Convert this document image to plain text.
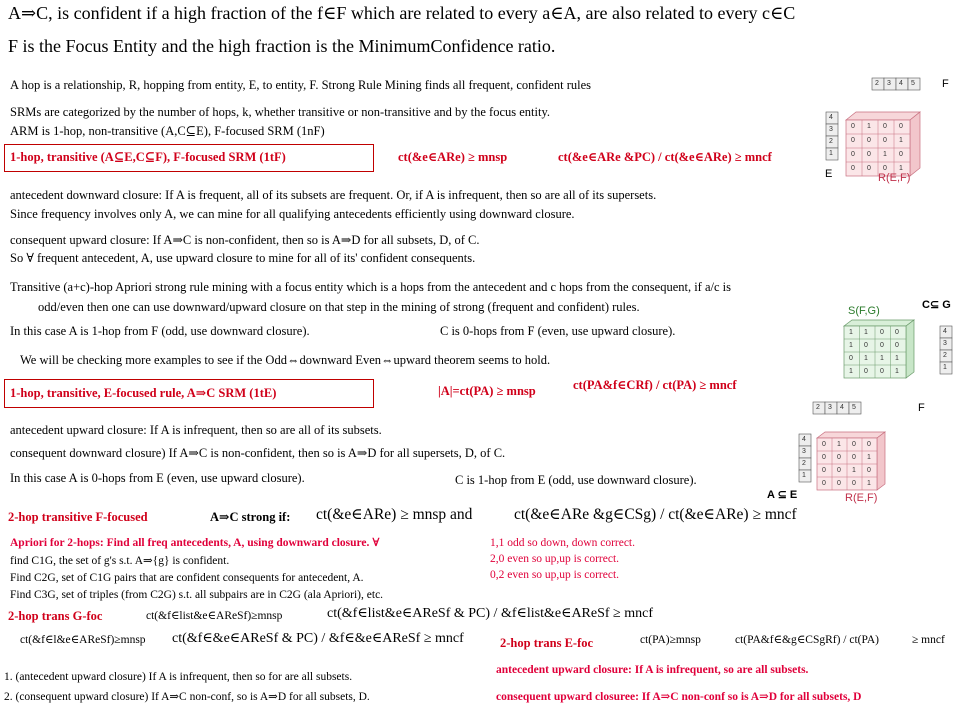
A⇒C, is confident if a high fraction of the f∈F which are related to every a∈A, are also related to every c∈C
F is the Focus Entity and the high fraction is the MinimumConfidence ratio.
A hop is a relationship, R, hopping from entity, E, to entity, F. Strong Rule Mining finds all frequent, confident rules
SRMs are categorized by the number of hops, k, whether transitive or non-transitive and by the focus entity.
ARM is 1-hop, non-transitive (A,C⊆E), F-focused SRM (1nF)
1-hop, transitive (A⊆E,C⊆F), F-focused SRM (1tF)	ct(&e∈ARe) ≥ mnsp	ct(&e∈ARe &PC) / ct(&e∈ARe) ≥ mncf
antecedent downward closure: If A is frequent, all of its subsets are frequent. Or, if A is infrequent, then so are all of its supersets.
Since frequency involves only A, we can mine for all qualifying antecedents efficiently using downward closure.
consequent upward closure: If A⇒C is non-confident, then so is A⇒D for all subsets, D, of C.
So ∀ frequent antecedent, A, use upward closure to mine for all of its' confident consequents.
Transitive (a+c)-hop Apriori strong rule mining with a focus entity which is a hops from the antecedent and c hops from the consequent, if a/c is
odd/even then one can use downward/upward closure on that step in the mining of strong (frequent and confident) rules.
In this case A is 1-hop from F (odd, use downward closure).	C is 0-hops from F (even, use upward closure).
We will be checking more examples to see if the Odd⇔downward Even⇔upward theorem seems to hold.
1-hop, transitive, E-focused rule, A⇒C SRM (1tE)	|A|=ct(PA) ≥ mnsp	ct(PA&f∈CRf) / ct(PA) ≥ mncf
antecedent upward closure: If A is infrequent, then so are all of its subsets.
consequent downward closure) If A⇒C is non-confident, then so is A⇒D for all supersets, D, of C.
In this case A is 0-hops from E (even, use upward closure).	C is 1-hop from E (odd, use downward closure).
2-hop transitive F-focused	A⇒C strong if: ct(&e∈ARe) ≥ mnsp and	ct(&e∈ARe &g∈CSg) / ct(&e∈ARe) ≥ mncf
Apriori for 2-hops: Find all freq antecedents, A, using downward closure. ∀
find C1G, the set of g's s.t. A⇒{g} is confident.
Find C2G, set of C1G pairs that are confident consequents for antecedent, A.
Find C3G, set of triples (from C2G) s.t. all subpairs are in C2G (ala Apriori), etc.
1,1 odd so down, down correct.
2,0 even so up,up is correct.
0,2 even so up,up is correct.
2-hop trans G-foc	ct(&f∈list&e∈AReSf)≥mnsp	ct(&f∈list&e∈AReSf & PC) / &f∈list&e∈AReSf ≥ mncf
ct(&f∈l&e∈AReSf)≥mnsp ct(&f∈&e∈AReSf & PC) / &f∈&e∈AReSf ≥ mncf	2-hop trans E-foc	ct(PA)≥mnsp	ct(PA&f∈&g∈CSgRf) / ct(PA)	≥ mncf
antecedent upward closure: If A is infrequent, so are all subsets.
consequent upward closuree: If A⇒C non-conf so is A⇒D for all subsets, D
1. (antecedent upward closure) If A is infrequent, then so for are all subsets.
2. (consequent upward closure) If A⇒C non-conf, so is A⇒D for all subsets, D.
2 3 4 5
4
3
2
1
0 1 0 0
0 0 0 1
0 0 1 0
0 0 0 1
F
E	R(E,F)
4
3
2
1
1 1 0 0
1 0 0 0
0 1 1 1
1 0 0 1
S(F,G)	C⊆ G
2 3 4 5
4
3
2
1
0 1 0 0
0 0 0 1
0 0 1 0
0 0 0 1
F
A ⊆ E	R(E,F)
